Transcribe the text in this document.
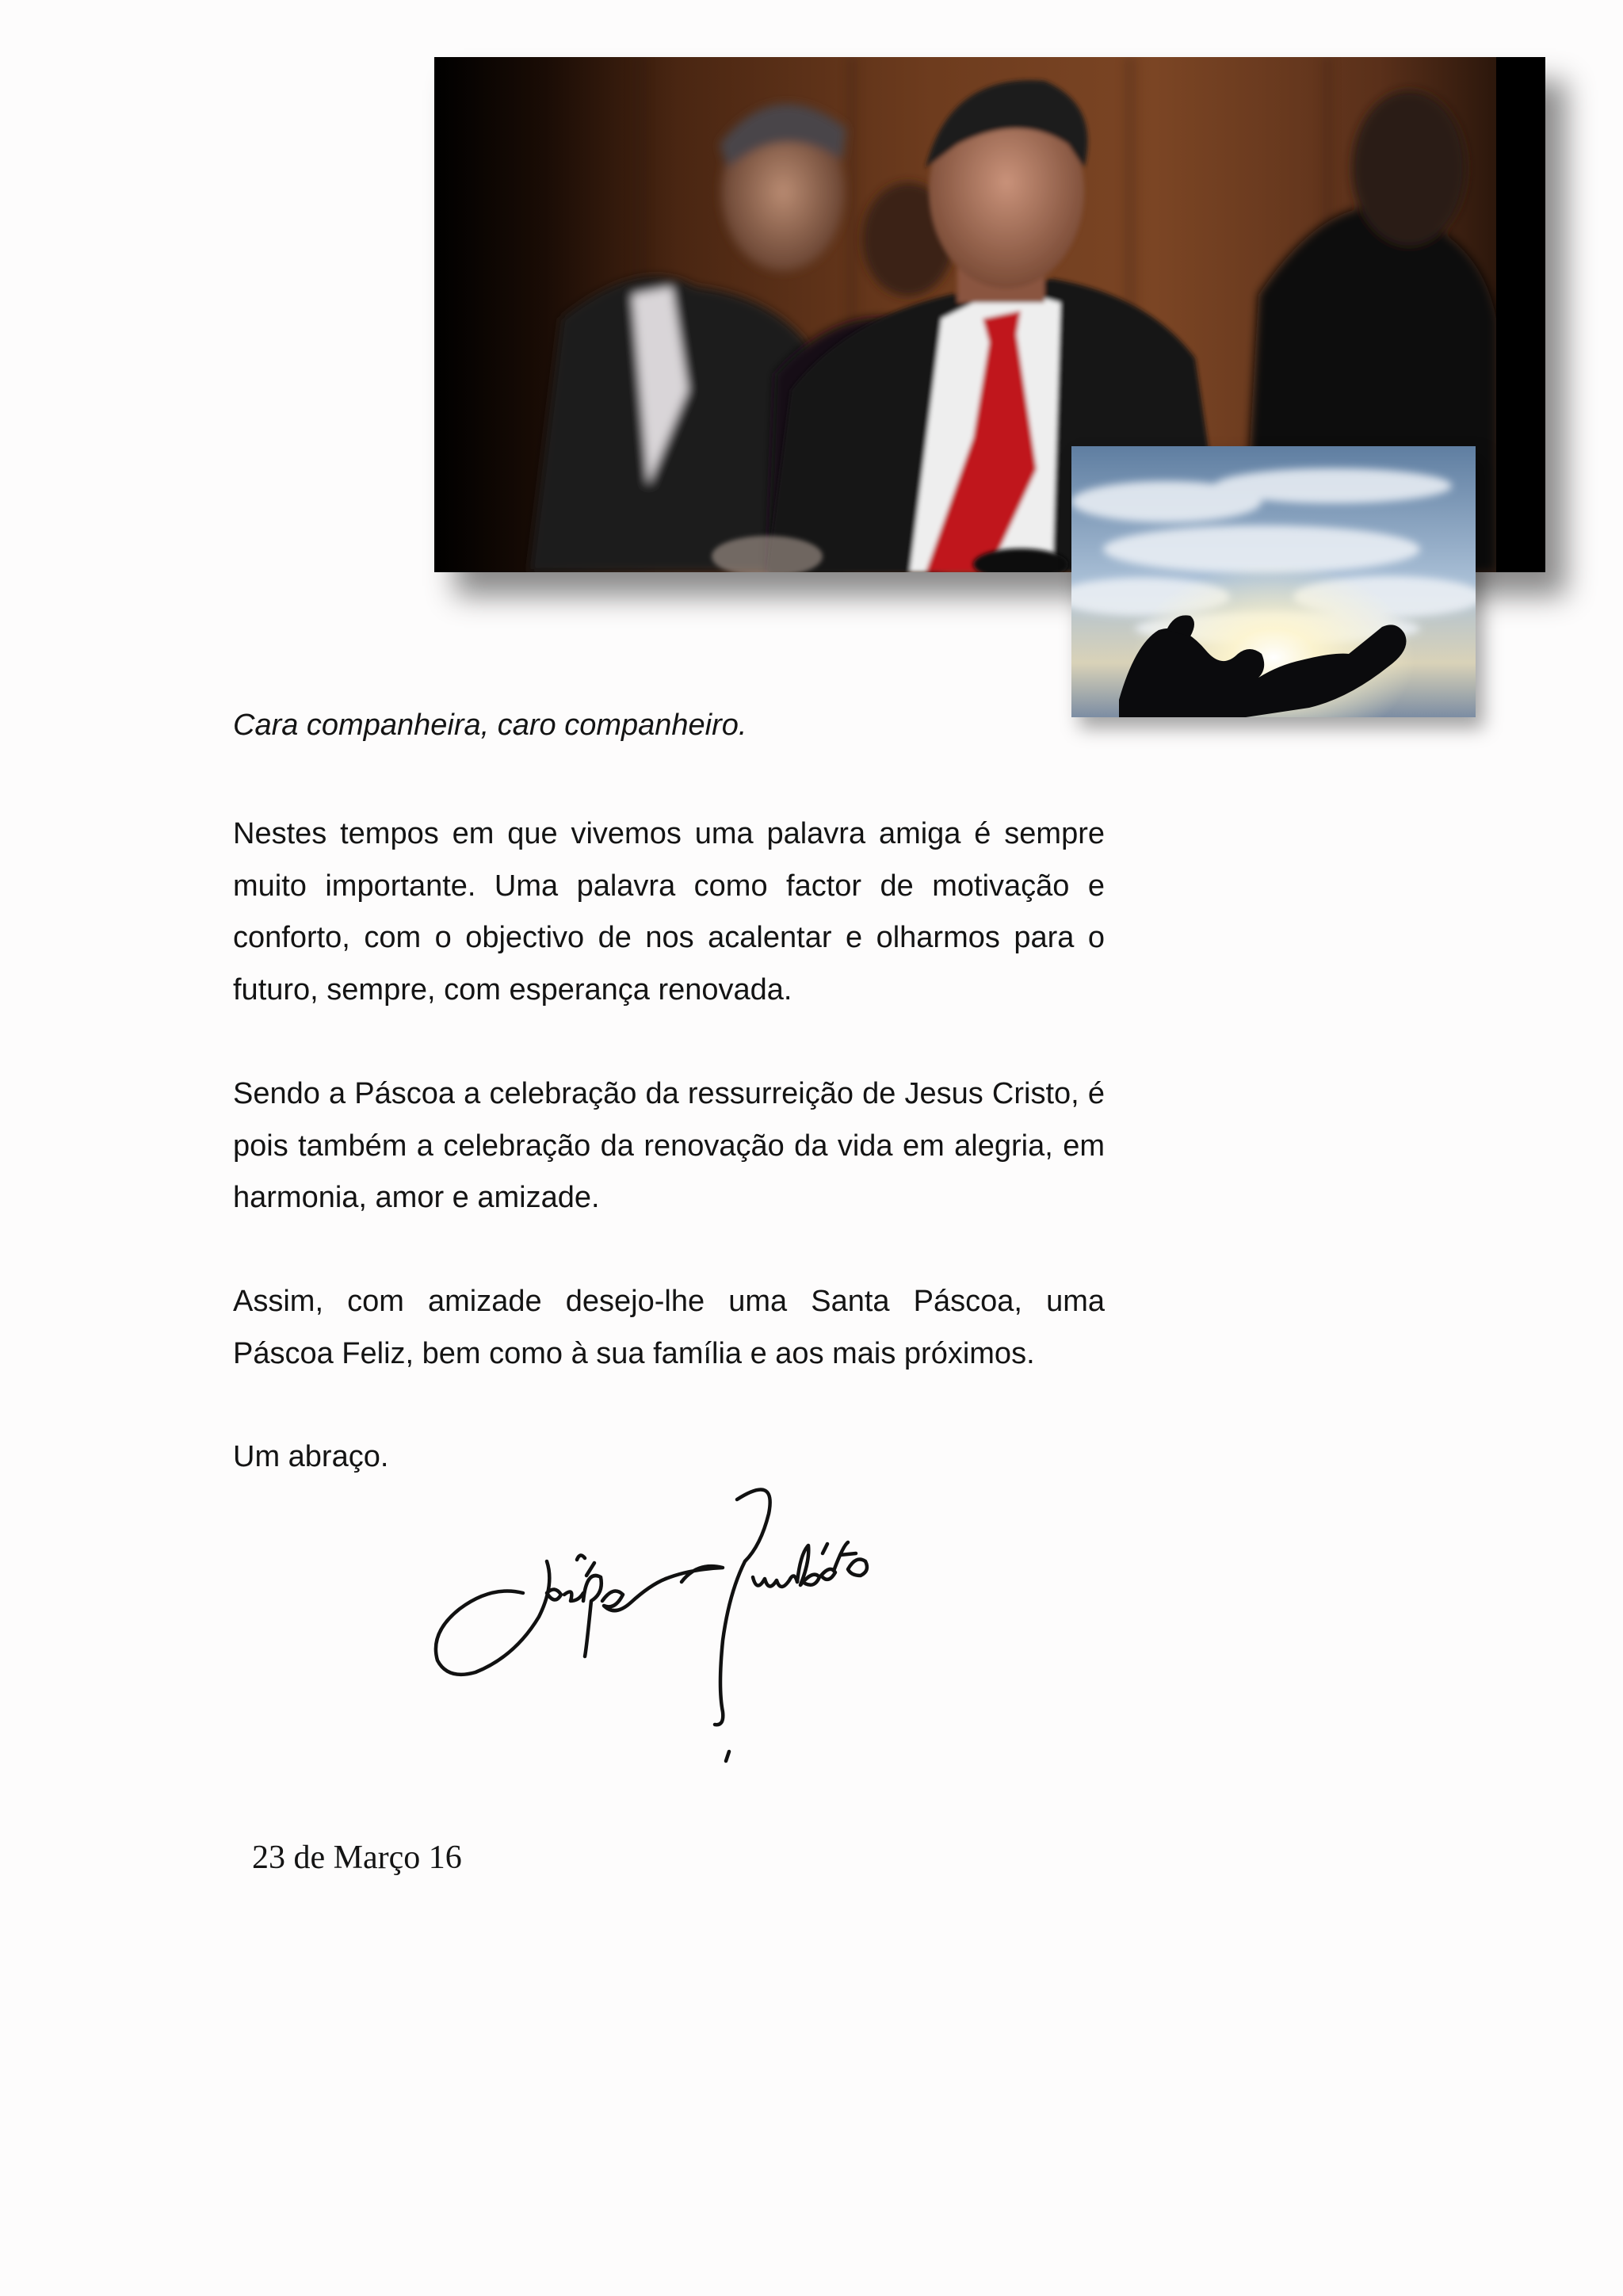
Cara companheira, caro companheiro.

Nestes tempos em que vivemos uma palavra amiga é sempre muito importante. Uma palavra como factor de motivação e conforto, com o objectivo de nos acalentar e olharmos para o futuro, sempre, com esperança renovada.

Sendo a Páscoa a celebração da ressurreição de Jesus Cristo, é pois também a celebração da renovação da vida em alegria, em harmonia, amor e amizade.

Assim, com amizade desejo-lhe uma Santa Páscoa, uma Páscoa Feliz, bem como à sua família e aos mais próximos.

Um abraço.

23 de Março 16
